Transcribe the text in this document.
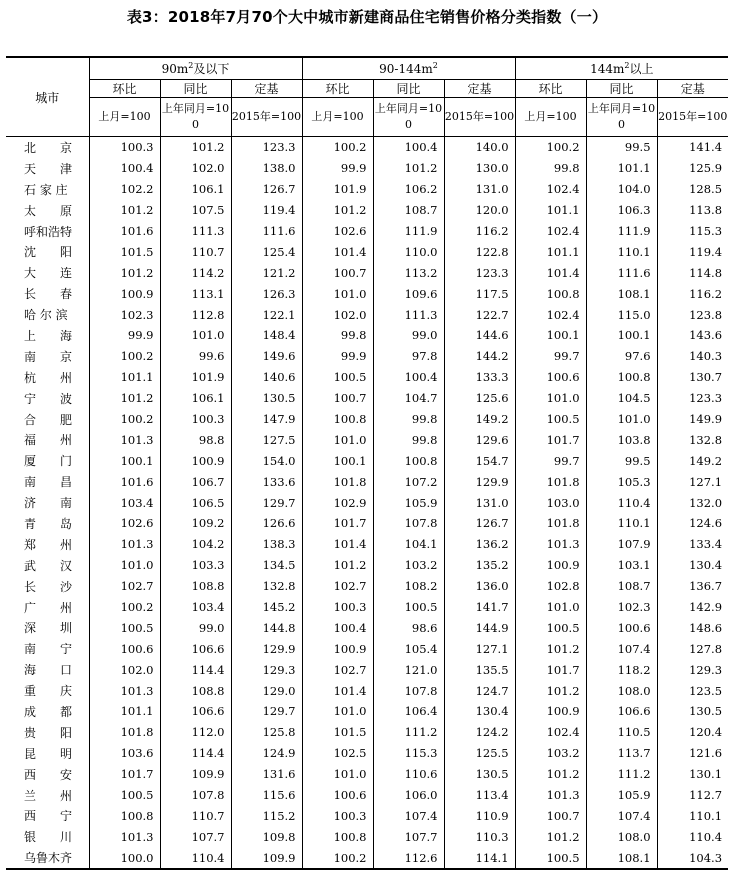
表3：2018年7月70个大中城市新建商品住宅销售价格分类指数（一）
城市	$90m^2$及以下			$90-144m^2$			$144m^2$以上		
	环比	同比	定基	环比	同比	定基	环比	同比	定基
	上月=100	上年同月=100	2015年=100	上月=100	上年同月=100	2015年=100	上月=100	上年同月=100	2015年=100
北　　京	100.3	101.2	123.3	100.2	100.4	140.0	100.2	99.5	141.4
天　　津	100.4	102.0	138.0	99.9	101.2	130.0	99.8	101.1	125.9
石 家 庄	102.2	106.1	126.7	101.9	106.2	131.0	102.4	104.0	128.5
太　　原	101.2	107.5	119.4	101.2	108.7	120.0	101.1	106.3	113.8
呼和浩特	101.6	111.3	111.6	102.6	111.9	116.2	102.4	111.9	115.3
沈　　阳	101.5	110.7	125.4	101.4	110.0	122.8	101.1	110.1	119.4
大　　连	101.2	114.2	121.2	100.7	113.2	123.3	101.4	111.6	114.8
长　　春	100.9	113.1	126.3	101.0	109.6	117.5	100.8	108.1	116.2
哈 尔 滨	102.3	112.8	122.1	102.0	111.3	122.7	102.4	115.0	123.8
上　　海	99.9	101.0	148.4	99.8	99.0	144.6	100.1	100.1	143.6
南　　京	100.2	99.6	149.6	99.9	97.8	144.2	99.7	97.6	140.3
杭　　州	101.1	101.9	140.6	100.5	100.4	133.3	100.6	100.8	130.7
宁　　波	101.2	106.1	130.5	100.7	104.7	125.6	101.0	104.5	123.3
合　　肥	100.2	100.3	147.9	100.8	99.8	149.2	100.5	101.0	149.9
福　　州	101.3	98.8	127.5	101.0	99.8	129.6	101.7	103.8	132.8
厦　　门	100.1	100.9	154.0	100.1	100.8	154.7	99.7	99.5	149.2
南　　昌	101.6	106.7	133.6	101.8	107.2	129.9	101.8	105.3	127.1
济　　南	103.4	106.5	129.7	102.9	105.9	131.0	103.0	110.4	132.0
青　　岛	102.6	109.2	126.6	101.7	107.8	126.7	101.8	110.1	124.6
郑　　州	101.3	104.2	138.3	101.4	104.1	136.2	101.3	107.9	133.4
武　　汉	101.0	103.3	134.5	101.2	103.2	135.2	100.9	103.1	130.4
长　　沙	102.7	108.8	132.8	102.7	108.2	136.0	102.8	108.7	136.7
广　　州	100.2	103.4	145.2	100.3	100.5	141.7	101.0	102.3	142.9
深　　圳	100.5	99.0	144.8	100.4	98.6	144.9	100.5	100.6	148.6
南　　宁	100.6	106.6	129.9	100.9	105.4	127.1	101.2	107.4	127.8
海　　口	102.0	114.4	129.3	102.7	121.0	135.5	101.7	118.2	129.3
重　　庆	101.3	108.8	129.0	101.4	107.8	124.7	101.2	108.0	123.5
成　　都	101.1	106.6	129.7	101.0	106.4	130.4	100.9	106.6	130.5
贵　　阳	101.8	112.0	125.8	101.5	111.2	124.2	102.4	110.5	120.4
昆　　明	103.6	114.4	124.9	102.5	115.3	125.5	103.2	113.7	121.6
西　　安	101.7	109.9	131.6	101.0	110.6	130.5	101.2	111.2	130.1
兰　　州	100.5	107.8	115.6	100.6	106.0	113.4	101.3	105.9	112.7
西　　宁	100.8	110.7	115.2	100.3	107.4	110.9	100.7	107.4	110.1
银　　川	101.3	107.7	109.8	100.8	107.7	110.3	101.2	108.0	110.4
乌鲁木齐	100.0	110.4	109.9	100.2	112.6	114.1	100.5	108.1	104.3
